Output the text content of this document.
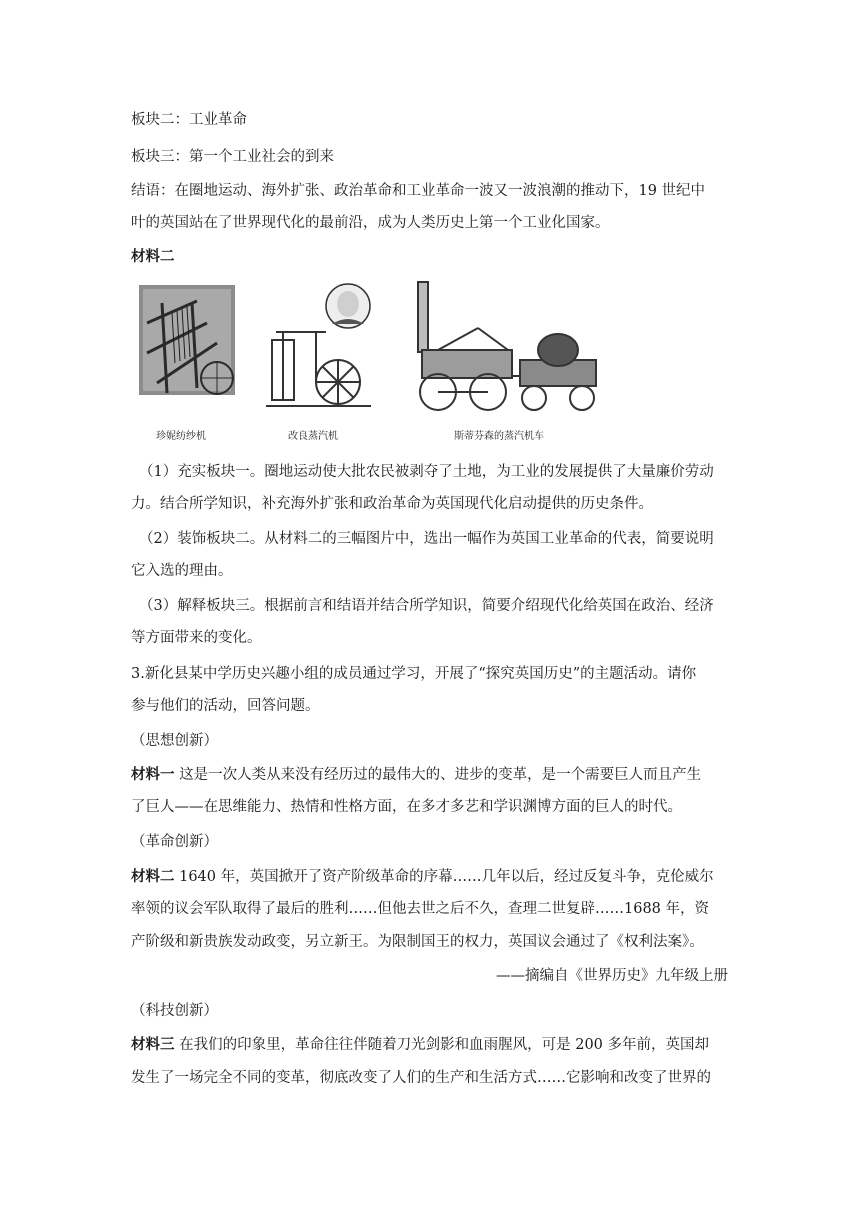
板块二：工业革命
板块三：第一个工业社会的到来
结语：在圈地运动、海外扩张、政治革命和工业革命一波又一波浪潮的推动下，19 世纪中
叶的英国站在了世界现代化的最前沿，成为人类历史上第一个工业化国家。
材料二
珍妮纺纱机	改良蒸汽机	斯蒂芬森的蒸汽机车
（1）充实板块一。圈地运动使大批农民被剥夺了土地，为工业的发展提供了大量廉价劳动
力。结合所学知识，补充海外扩张和政治革命为英国现代化启动提供的历史条件。
（2）装饰板块二。从材料二的三幅图片中，选出一幅作为英国工业革命的代表，简要说明
它入选的理由。
（3）解释板块三。根据前言和结语并结合所学知识，简要介绍现代化给英国在政治、经济
等方面带来的变化。
3.新化县某中学历史兴趣小组的成员通过学习，开展了“探究英国历史”的主题活动。请你
参与他们的活动，回答问题。
（思想创新）
材料一 这是一次人类从来没有经历过的最伟大的、进步的变革，是一个需要巨人而且产生
了巨人——在思维能力、热情和性格方面，在多才多艺和学识渊博方面的巨人的时代。
（革命创新）
材料二 1640 年，英国掀开了资产阶级革命的序幕……几年以后，经过反复斗争，克伦威尔
率领的议会军队取得了最后的胜利……但他去世之后不久，查理二世复辟……1688 年，资
产阶级和新贵族发动政变，另立新王。为限制国王的权力，英国议会通过了《权利法案》。
——摘编自《世界历史》九年级上册
（科技创新）
材料三 在我们的印象里，革命往往伴随着刀光剑影和血雨腥风，可是 200 多年前，英国却
发生了一场完全不同的变革，彻底改变了人们的生产和生活方式……它影响和改变了世界的
